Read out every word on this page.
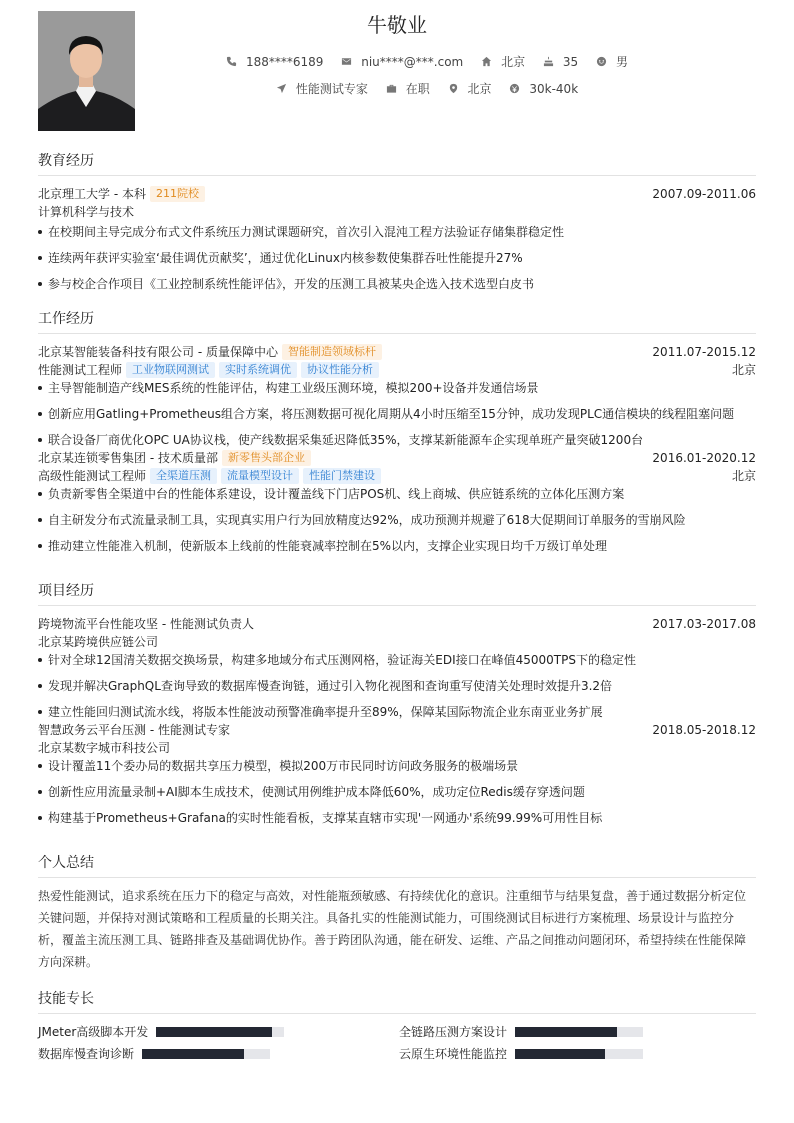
牛敬业
188****6189	niu****@***.com	北京	35	男
性能测试专家	在职	北京	30k-40k
教育经历
北京理工大学 - 本科 211院校	2007.09-2011.06
计算机科学与技术
在校期间主导完成分布式文件系统压力测试课题研究，首次引入混沌工程方法验证存储集群稳定性
连续两年获评实验室‘最佳调优贡献奖’，通过优化Linux内核参数使集群吞吐性能提升27%
参与校企合作项目《工业控制系统性能评估》，开发的压测工具被某央企选入技术选型白皮书
工作经历
北京某智能装备科技有限公司 - 质量保障中心 智能制造领域标杆	2011.07-2015.12
性能测试工程师 工业物联网测试 实时系统调优 协议性能分析	北京
主导智能制造产线MES系统的性能评估，构建工业级压测环境，模拟200+设备并发通信场景
创新应用Gatling+Prometheus组合方案，将压测数据可视化周期从4小时压缩至15分钟，成功发现PLC通信模块的线程阻塞问题
联合设备厂商优化OPC UA协议栈，使产线数据采集延迟降低35%，支撑某新能源车企实现单班产量突破1200台
北京某连锁零售集团 - 技术质量部 新零售头部企业	2016.01-2020.12
高级性能测试工程师 全渠道压测 流量模型设计 性能门禁建设	北京
负责新零售全渠道中台的性能体系建设，设计覆盖线下门店POS机、线上商城、供应链系统的立体化压测方案
自主研发分布式流量录制工具，实现真实用户行为回放精度达92%，成功预测并规避了618大促期间订单服务的雪崩风险
推动建立性能准入机制，使新版本上线前的性能衰减率控制在5%以内，支撑企业实现日均千万级订单处理
项目经历
跨境物流平台性能攻坚 - 性能测试负责人	2017.03-2017.08
北京某跨境供应链公司
针对全球12国清关数据交换场景，构建多地域分布式压测网格，验证海关EDI接口在峰值45000TPS下的稳定性
发现并解决GraphQL查询导致的数据库慢查询链，通过引入物化视图和查询重写使清关处理时效提升3.2倍
建立性能回归测试流水线，将版本性能波动预警准确率提升至89%，保障某国际物流企业东南亚业务扩展
智慧政务云平台压测 - 性能测试专家	2018.05-2018.12
北京某数字城市科技公司
设计覆盖11个委办局的数据共享压力模型，模拟200万市民同时访问政务服务的极端场景
创新性应用流量录制+AI脚本生成技术，使测试用例维护成本降低60%，成功定位Redis缓存穿透问题
构建基于Prometheus+Grafana的实时性能看板，支撑某直辖市实现'一网通办'系统99.99%可用性目标
个人总结
热爱性能测试，追求系统在压力下的稳定与高效，对性能瓶颈敏感、有持续优化的意识。注重细节与结果复盘，善于通过数据分析定位
关键问题，并保持对测试策略和工程质量的长期关注。具备扎实的性能测试能力，可围绕测试目标进行方案梳理、场景设计与监控分
析，覆盖主流压测工具、链路排查及基础调优协作。善于跨团队沟通，能在研发、运维、产品之间推动问题闭环，希望持续在性能保障
方向深耕。
技能专长
JMeter高级脚本开发	全链路压测方案设计
数据库慢查询诊断	云原生环境性能监控
